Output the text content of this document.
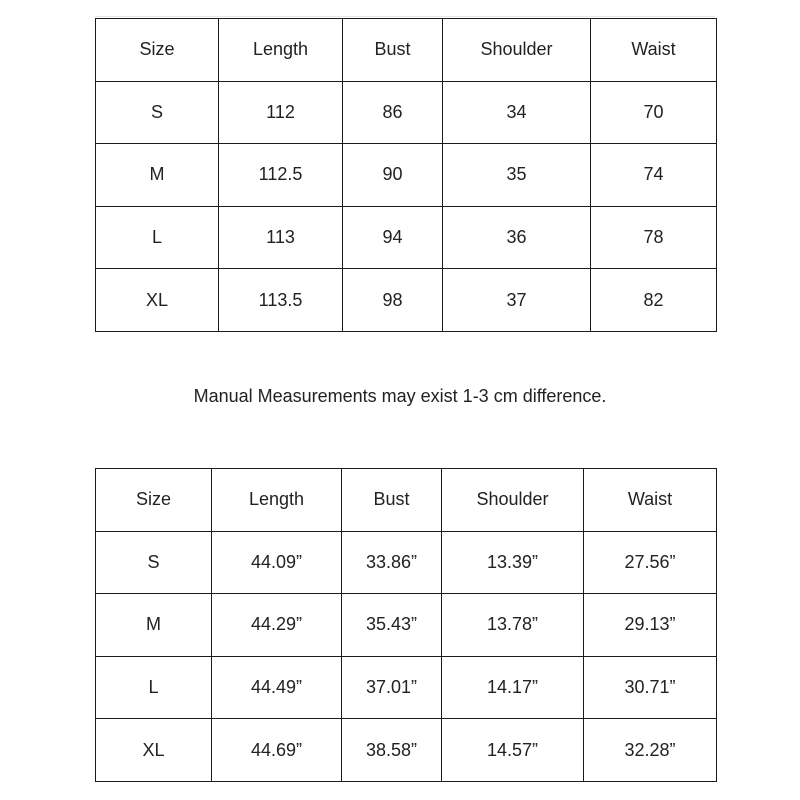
Size	Length	Bust	Shoulder	Waist
S	112	86	34	70
M	112.5	90	35	74
L	113	94	36	78
XL	113.5	98	37	82
Manual Measurements may exist 1-3 cm difference.
Size	Length	Bust	Shoulder	Waist
S	44.09”	33.86”	13.39”	27.56”
M	44.29”	35.43”	13.78”	29.13”
L	44.49”	37.01”	14.17”	30.71”
XL	44.69”	38.58”	14.57”	32.28”
